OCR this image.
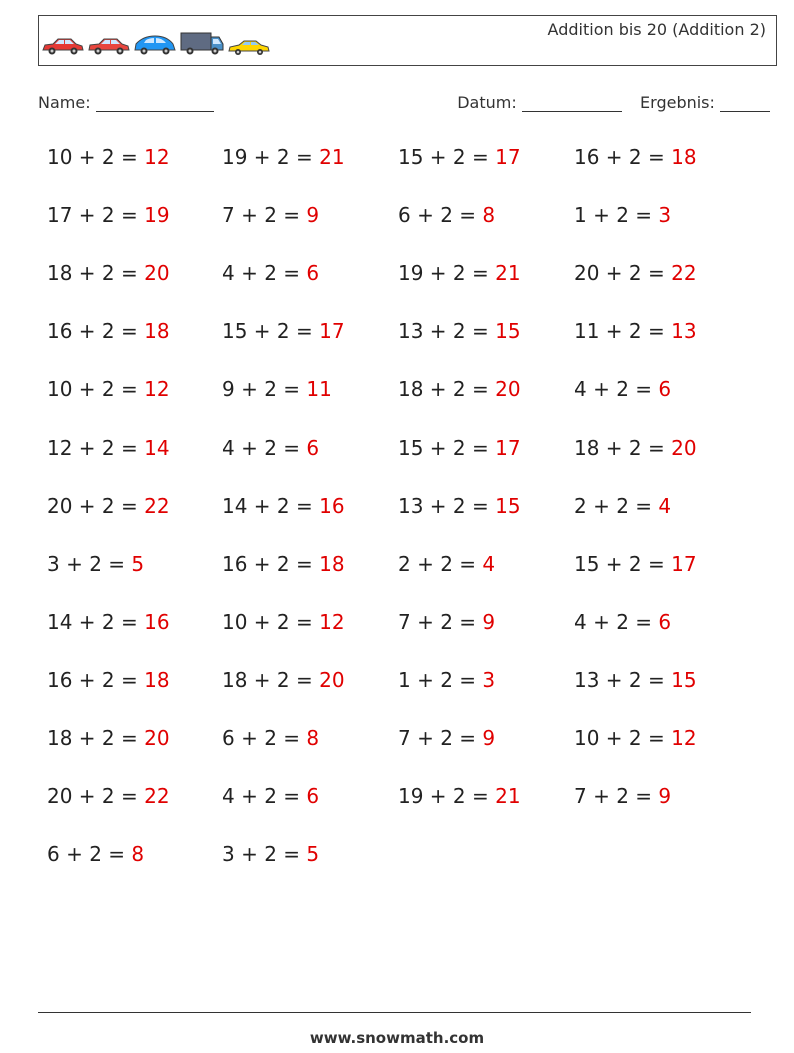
Addition bis 20 (Addition 2)
Name:	Datum:	Ergebnis:
10 + 2 = 12	19 + 2 = 21	15 + 2 = 17	16 + 2 = 18
17 + 2 = 19	7 + 2 = 9	6 + 2 = 8	1 + 2 = 3
18 + 2 = 20	4 + 2 = 6	19 + 2 = 21	20 + 2 = 22
16 + 2 = 18	15 + 2 = 17	13 + 2 = 15	11 + 2 = 13
10 + 2 = 12	9 + 2 = 11	18 + 2 = 20	4 + 2 = 6
12 + 2 = 14	4 + 2 = 6	15 + 2 = 17	18 + 2 = 20
20 + 2 = 22	14 + 2 = 16	13 + 2 = 15	2 + 2 = 4
3 + 2 = 5	16 + 2 = 18	2 + 2 = 4	15 + 2 = 17
14 + 2 = 16	10 + 2 = 12	7 + 2 = 9	4 + 2 = 6
16 + 2 = 18	18 + 2 = 20	1 + 2 = 3	13 + 2 = 15
18 + 2 = 20	6 + 2 = 8	7 + 2 = 9	10 + 2 = 12
20 + 2 = 22	4 + 2 = 6	19 + 2 = 21	7 + 2 = 9
6 + 2 = 8	3 + 2 = 5
www.snowmath.com
